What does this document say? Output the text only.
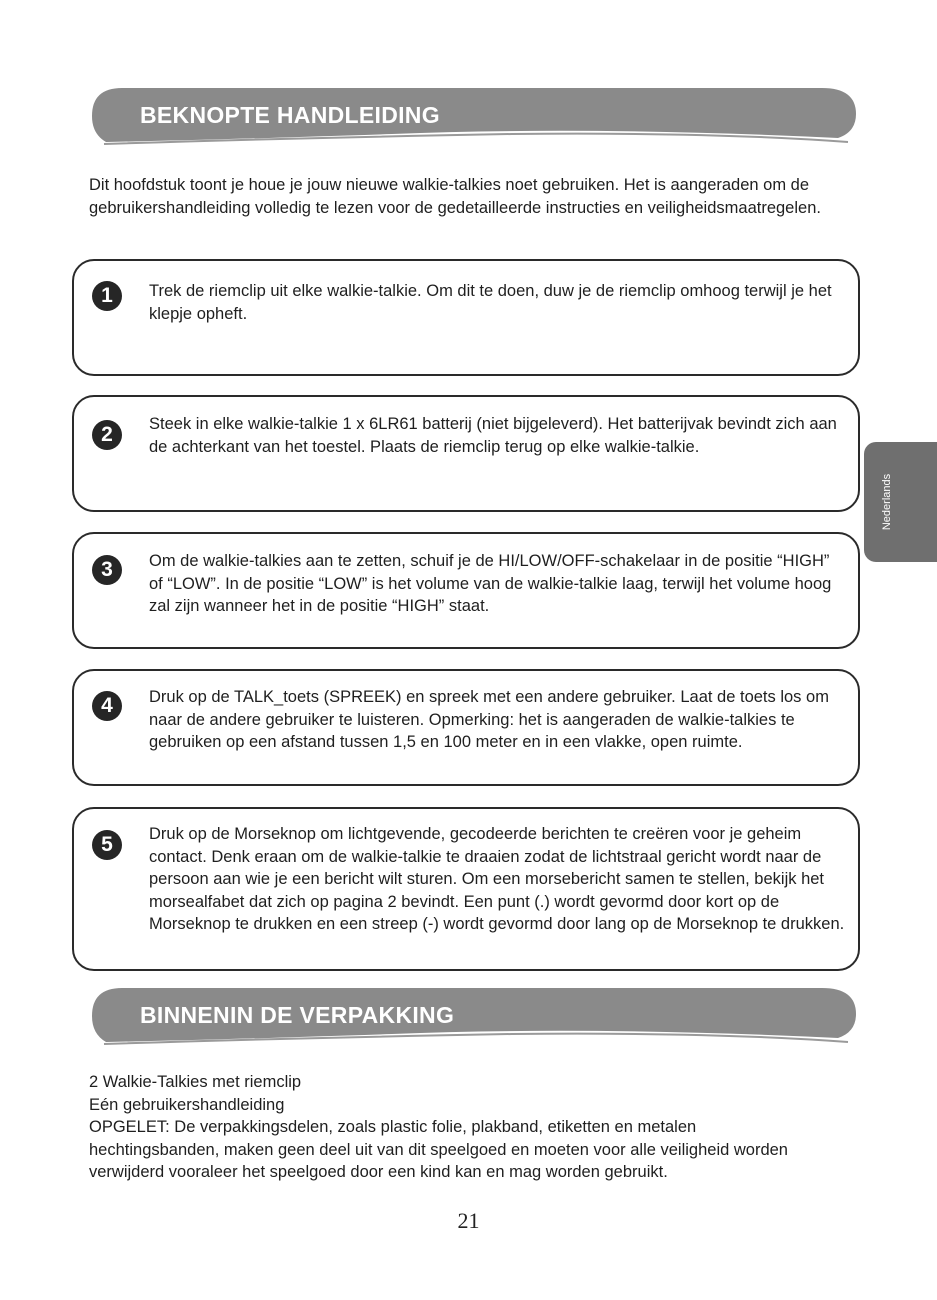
BEKNOPTE HANDLEIDING

Dit hoofdstuk toont je houe je jouw nieuwe walkie-talkies noet gebruiken. Het is aangeraden om de gebruikershandleiding volledig te lezen voor de gedetailleerde instructies en veiligheidsmaatregelen.

1	Trek de riemclip uit elke walkie-talkie. Om dit te doen, duw je de riemclip omhoog terwijl je het klepje opheft.

2	Steek in elke walkie-talkie 1 x 6LR61 batterij (niet bijgeleverd). Het batterijvak bevindt zich aan de achterkant van het toestel. Plaats de riemclip terug op elke walkie-talkie.

3	Om de walkie-talkies aan te zetten, schuif je de HI/LOW/OFF-schakelaar in de positie “HIGH” of “LOW”. In de positie “LOW” is het volume van de walkie-talkie laag, terwijl het volume hoog zal zijn wanneer het in de positie “HIGH” staat.

4	Druk op de TALK_toets (SPREEK) en spreek met een andere gebruiker. Laat de toets los om naar de andere gebruiker te luisteren. Opmerking: het is aangeraden de walkie-talkies te gebruiken op een afstand tussen 1,5 en 100 meter en in een vlakke, open ruimte.

5	Druk op de Morseknop om lichtgevende, gecodeerde berichten te creëren voor je geheim contact. Denk eraan om de walkie-talkie te draaien zodat de lichtstraal gericht wordt naar de persoon aan wie je een bericht wilt sturen. Om een morsebericht samen te stellen, bekijk het morsealfabet dat zich op pagina 2 bevindt. Een punt (.) wordt gevormd door kort op de Morseknop te drukken en een streep (-) wordt gevormd door lang op de Morseknop te drukken.

Nederlands
BINNENIN DE VERPAKKING

2 Walkie-Talkies met riemclip

Eén gebruikershandleiding

OPGELET: De verpakkingsdelen, zoals plastic folie, plakband, etiketten en metalen hechtingsbanden, maken geen deel uit van dit speelgoed en moeten voor alle veiligheid worden verwijderd vooraleer het speelgoed door een kind kan en mag worden gebruikt.

21
